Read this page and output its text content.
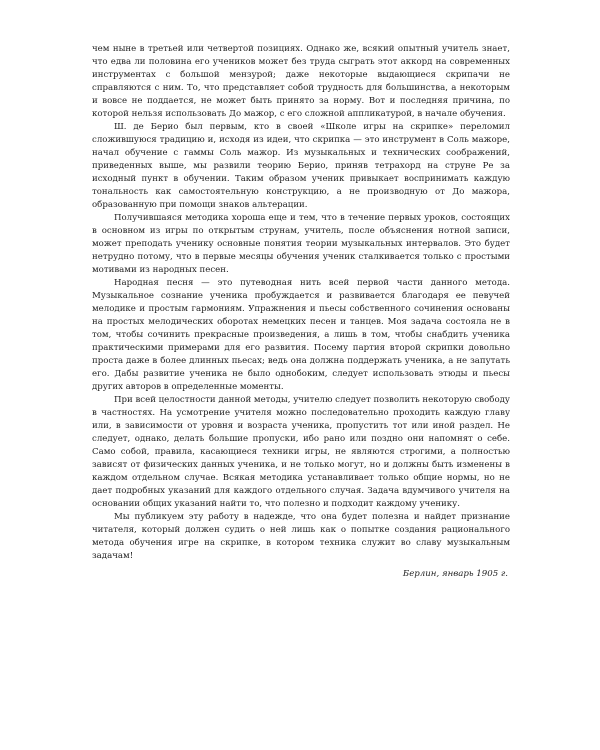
чем ныне в третьей или четвертой позициях. Однако же, всякий опытный учитель знает, что едва ли половина его учеников может без труда сыграть этот аккорд на современных инструментах с большой мензурой; даже некоторые выдающиеся скрипачи не справляются с ним. То, что представляет собой трудность для большинства, а некоторым и вовсе не поддается, не может быть принято за норму. Вот и последняя причина, по которой нельзя использовать До мажор, с его сложной аппликатурой, в начале обучения.

Ш. де Берио был первым, кто в своей «Школе игры на скрипке» переломил сложившуюся традицию и, исходя из идеи, что скрипка — это инструмент в Соль мажоре, начал обучение с гаммы Соль мажор. Из музыкальных и технических соображений, приведенных выше, мы развили теорию Берио, приняв тетрахорд на струне Ре за исходный пункт в обучении. Таким образом ученик привыкает воспринимать каждую тональность как самостоятельную конструкцию, а не производную от До мажора, образованную при помощи знаков альтерации.

Получившаяся методика хороша еще и тем, что в течение первых уроков, состоящих в основном из игры по открытым струнам, учитель, после объяснения нотной записи, может преподать ученику основные понятия теории музыкальных интервалов. Это будет нетрудно потому, что в первые месяцы обучения ученик сталкивается только с простыми мотивами из народных песен.

Народная песня — это путеводная нить всей первой части данного метода. Музыкальное сознание ученика пробуждается и развивается благодаря ее певучей мелодике и простым гармониям. Упражнения и пьесы собственного сочинения основаны на простых мелодических оборотах немецких песен и танцев. Моя задача состояла не в том, чтобы сочинить прекрасные произведения, а лишь в том, чтобы снабдить ученика практическими примерами для его развития. Посему партия второй скрипки довольно проста даже в более длинных пьесах; ведь она должна поддержать ученика, а не запутать его. Дабы развитие ученика не было однобоким, следует использовать этюды и пьесы других авторов в определенные моменты.

При всей целостности данной методы, учителю следует позволить некоторую свободу в частностях. На усмотрение учителя можно последовательно проходить каждую главу или, в зависимости от уровня и возраста ученика, пропустить тот или иной раздел. Не следует, однако, делать большие пропуски, ибо рано или поздно они напомнят о себе. Само собой, правила, касающиеся техники игры, не являются строгими, а полностью зависят от физических данных ученика, и не только могут, но и должны быть изменены в каждом отдельном случае. Всякая методика устанавливает только общие нормы, но не дает подробных указаний для каждого отдельного случая. Задача вдумчивого учителя на основании общих указаний найти то, что полезно и подходит каждому ученику.

Мы публикуем эту работу в надежде, что она будет полезна и найдет признание читателя, который должен судить о ней лишь как о попытке создания рационального метода обучения игре на скрипке, в котором техника служит во славу музыкальным задачам!

Берлин, январь 1905 г.
